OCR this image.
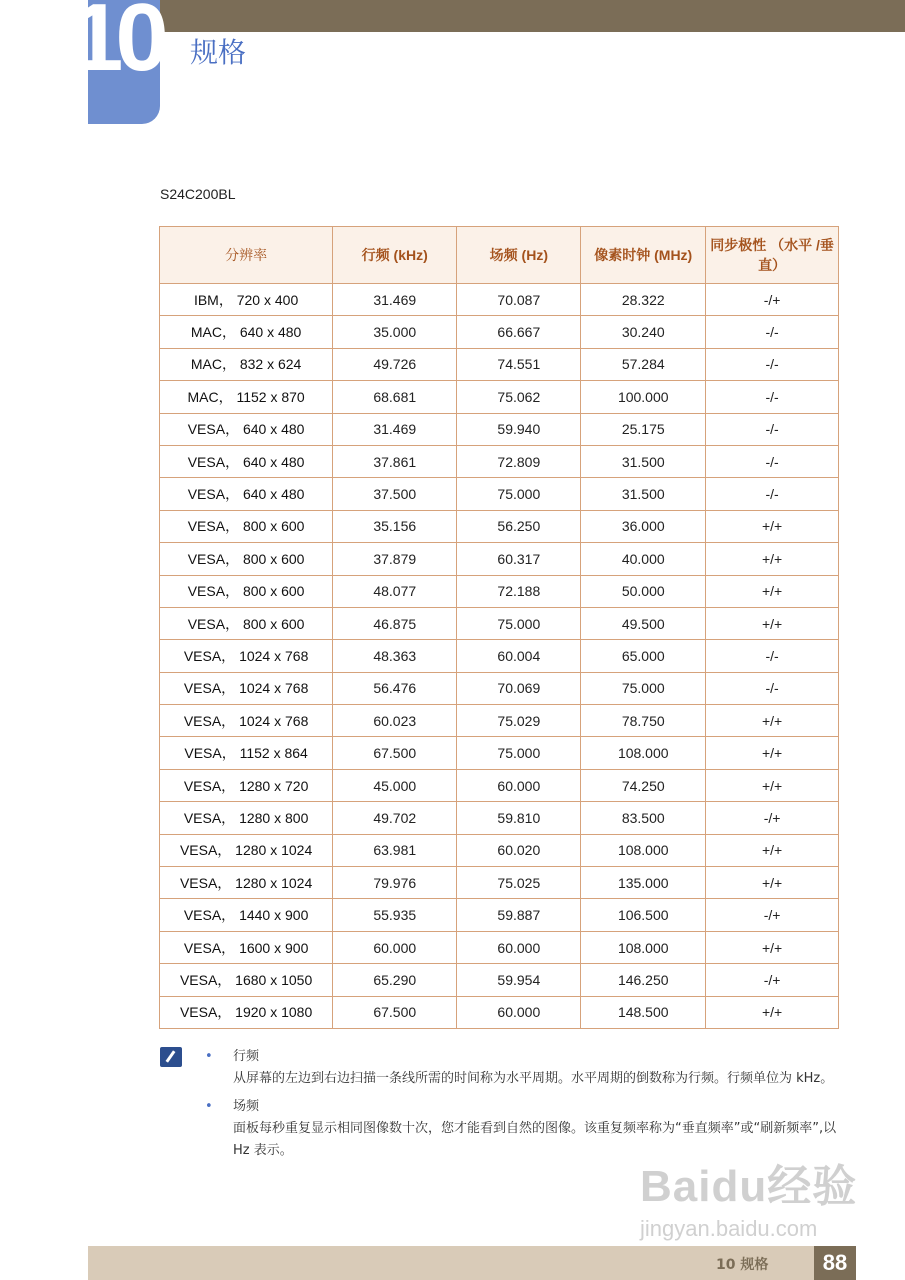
10 规格
S24C200BL
分辨率	行频 (kHz)	场频 (Hz)	像素时钟 (MHz)	同步极性 （水平 /垂直）
IBM， 720 x 400	31.469	70.087	28.322	-/+
MAC， 640 x 480	35.000	66.667	30.240	-/-
MAC， 832 x 624	49.726	74.551	57.284	-/-
MAC， 1152 x 870	68.681	75.062	100.000	-/-
VESA， 640 x 480	31.469	59.940	25.175	-/-
VESA， 640 x 480	37.861	72.809	31.500	-/-
VESA， 640 x 480	37.500	75.000	31.500	-/-
VESA， 800 x 600	35.156	56.250	36.000	+/+
VESA， 800 x 600	37.879	60.317	40.000	+/+
VESA， 800 x 600	48.077	72.188	50.000	+/+
VESA， 800 x 600	46.875	75.000	49.500	+/+
VESA， 1024 x 768	48.363	60.004	65.000	-/-
VESA， 1024 x 768	56.476	70.069	75.000	-/-
VESA， 1024 x 768	60.023	75.029	78.750	+/+
VESA， 1152 x 864	67.500	75.000	108.000	+/+
VESA， 1280 x 720	45.000	60.000	74.250	+/+
VESA， 1280 x 800	49.702	59.810	83.500	-/+
VESA， 1280 x 1024	63.981	60.020	108.000	+/+
VESA， 1280 x 1024	79.976	75.025	135.000	+/+
VESA， 1440 x 900	55.935	59.887	106.500	-/+
VESA， 1600 x 900	60.000	60.000	108.000	+/+
VESA， 1680 x 1050	65.290	59.954	146.250	-/+
VESA， 1920 x 1080	67.500	60.000	148.500	+/+
• 行频
从屏幕的左边到右边扫描一条线所需的时间称为水平周期。水平周期的倒数称为行频。行频单位为 kHz。
• 场频
面板每秒重复显示相同图像数十次，您才能看到自然的图像。该重复频率称为“垂直频率”或“刷新频率”,以 Hz 表示。
Baidu经验
jingyan.baidu.com
10 规格	88
